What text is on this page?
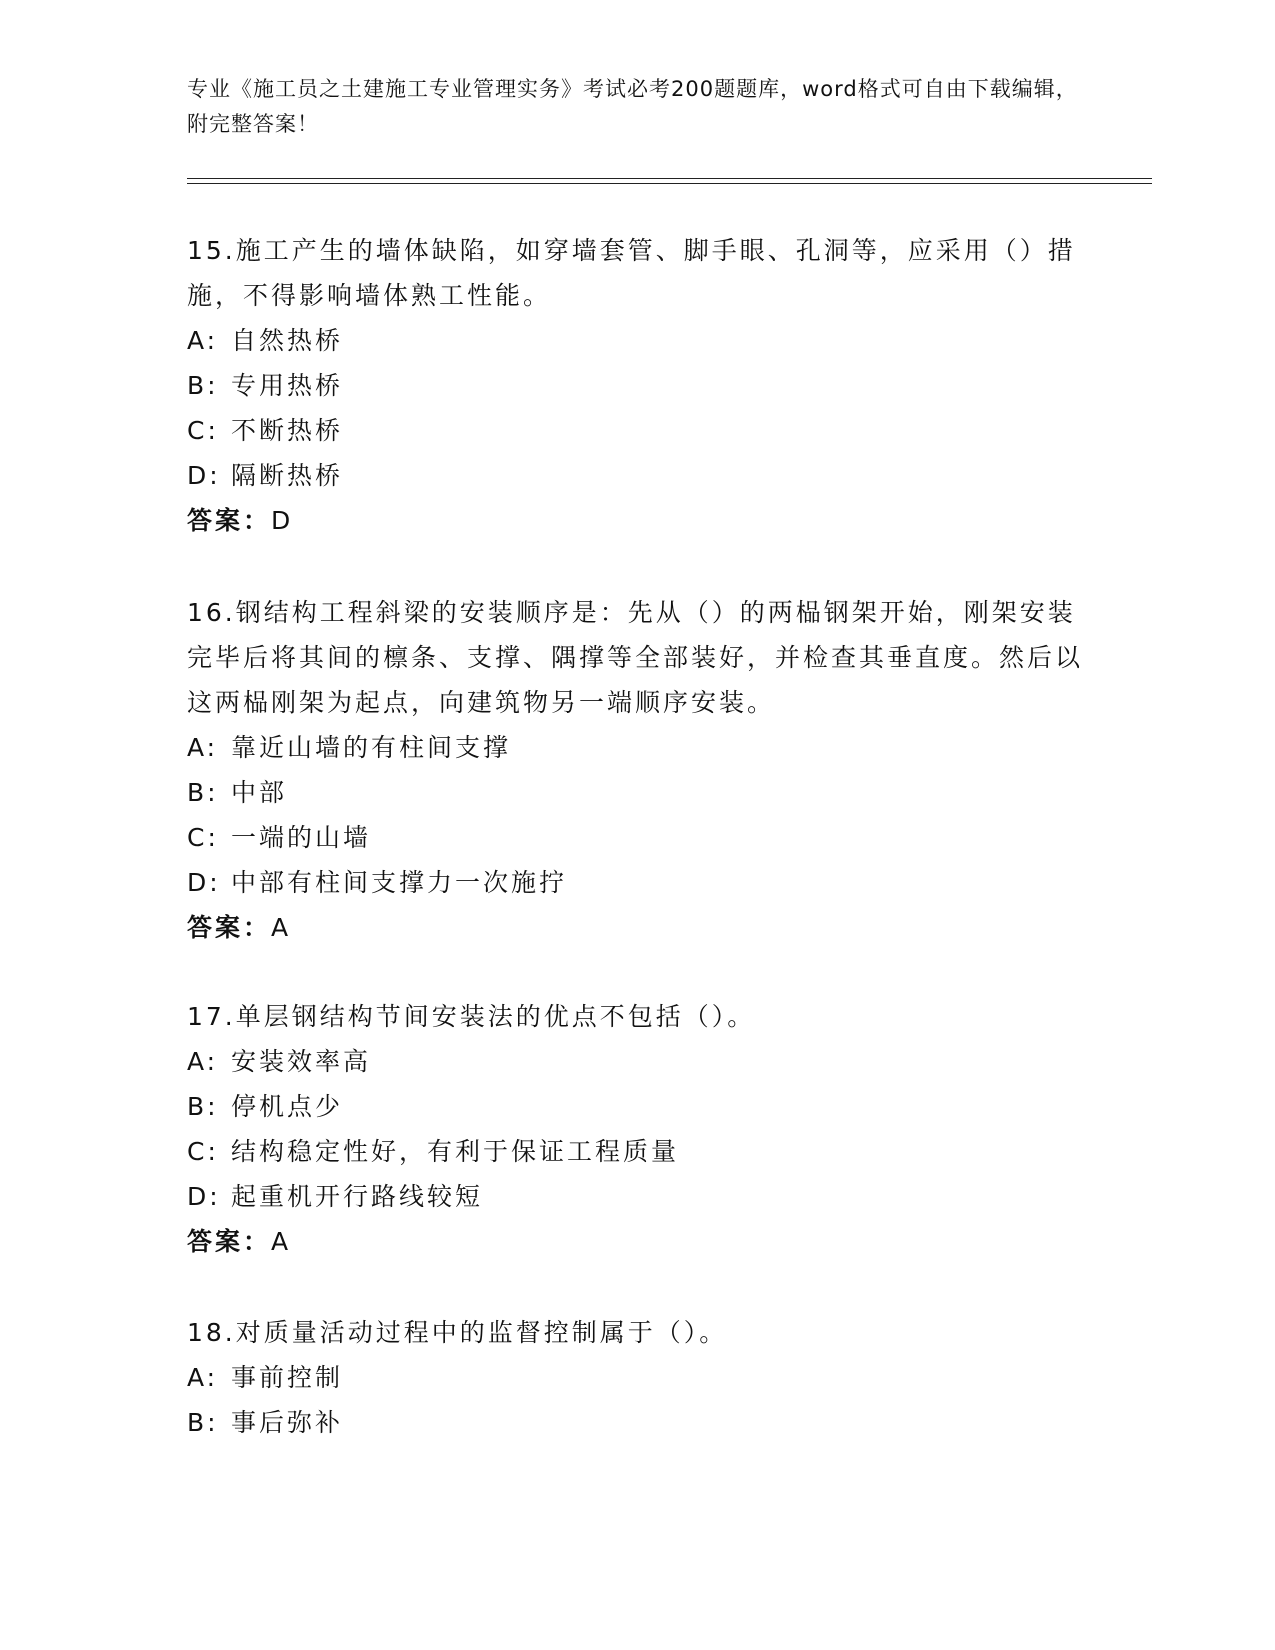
专业《施工员之土建施工专业管理实务》考试必考200题题库，word格式可自由下载编辑，附完整答案！

15.施工产生的墙体缺陷，如穿墙套管、脚手眼、孔洞等，应采用（）措施，不得影响墙体熟工性能。

A: 自然热桥
B: 专用热桥
C: 不断热桥
D: 隔断热桥
答案：D

16.钢结构工程斜梁的安装顺序是：先从（）的两榀钢架开始，刚架安装完毕后将其间的檩条、支撑、隅撑等全部装好，并检查其垂直度。然后以这两榀刚架为起点，向建筑物另一端顺序安装。

A: 靠近山墙的有柱间支撑
B: 中部
C: 一端的山墙
D: 中部有柱间支撑力一次施拧
答案：A

17.单层钢结构节间安装法的优点不包括（）。

A: 安装效率高
B: 停机点少
C: 结构稳定性好，有利于保证工程质量
D: 起重机开行路线较短
答案：A

18.对质量活动过程中的监督控制属于（）。

A: 事前控制
B: 事后弥补
